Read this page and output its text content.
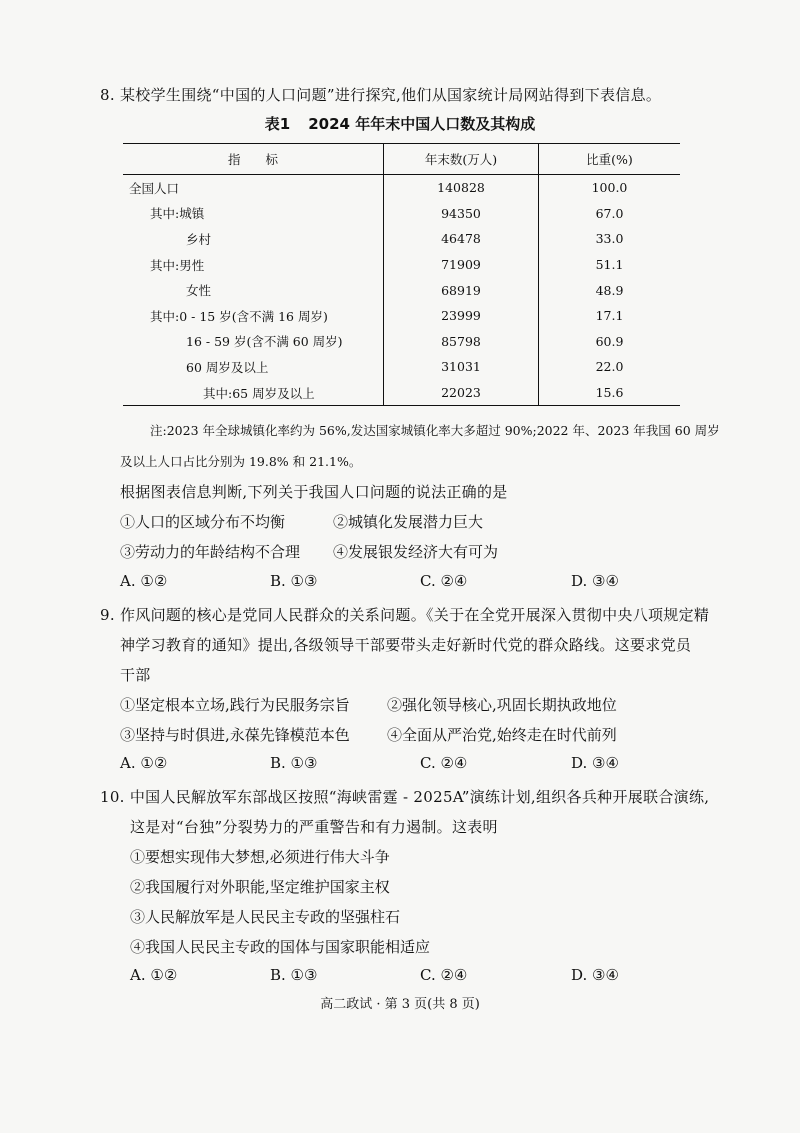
8. 某校学生围绕“中国的人口问题”进行探究,他们从国家统计局网站得到下表信息。
表1 2024 年年末中国人口数及其构成
指　　标	年末数(万人)	比重(%)
全国人口	140828	100.0
其中:城镇	94350	67.0
乡村	46478	33.0
其中:男性	71909	51.1
女性	68919	48.9
其中:0 - 15 岁(含不满 16 周岁)	23999	17.1
16 - 59 岁(含不满 60 周岁)	85798	60.9
60 周岁及以上	31031	22.0
其中:65 周岁及以上	22023	15.6
注:2023 年全球城镇化率约为 56%,发达国家城镇化率大多超过 90%;2022 年、2023 年我国 60 周岁
及以上人口占比分别为 19.8% 和 21.1%。
根据图表信息判断,下列关于我国人口问题的说法正确的是
①人口的区域分布不均衡	②城镇化发展潜力巨大
③劳动力的年龄结构不合理 ④发展银发经济大有可为
A. ①②	B. ①③	C. ②④	D. ③④
9. 作风问题的核心是党同人民群众的关系问题。《关于在全党开展深入贯彻中央八项规定精
神学习教育的通知》提出,各级领导干部要带头走好新时代党的群众路线。这要求党员
干部
①坚定根本立场,践行为民服务宗旨 ②强化领导核心,巩固长期执政地位
③坚持与时俱进,永葆先锋模范本色 ④全面从严治党,始终走在时代前列
A. ①②	B. ①③	C. ②④	D. ③④
10. 中国人民解放军东部战区按照“海峡雷霆 - 2025A”演练计划,组织各兵种开展联合演练,
这是对“台独”分裂势力的严重警告和有力遏制。这表明
①要想实现伟大梦想,必须进行伟大斗争
②我国履行对外职能,坚定维护国家主权
③人民解放军是人民民主专政的坚强柱石
④我国人民民主专政的国体与国家职能相适应
A. ①②	B. ①③	C. ②④	D. ③④
高二政试 · 第 3 页(共 8 页)
